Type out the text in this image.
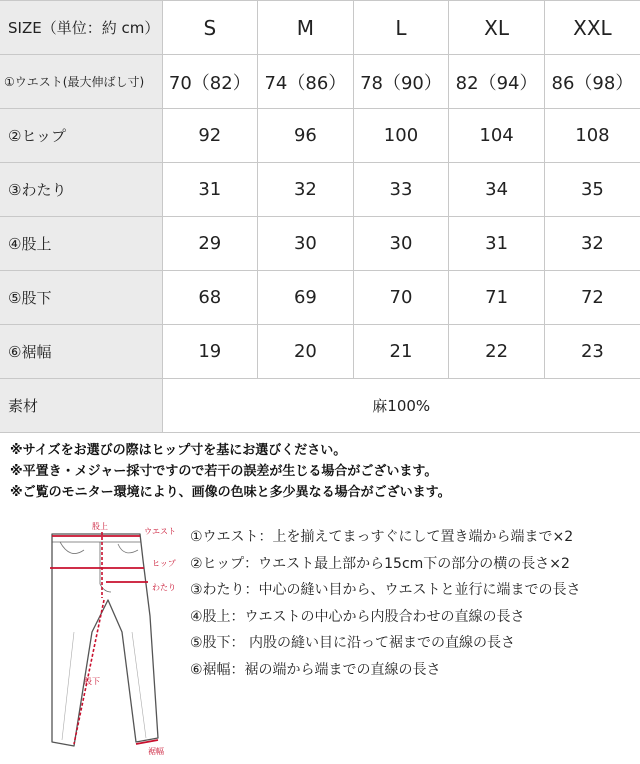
SIZE（単位：約 cm）	S	M	L	XL	XXL
①ウエスト(最大伸ばし寸)	70（82）	74（86）	78（90）	82（94）	86（98）
②ヒップ	92	96	100	104	108
③わたり	31	32	33	34	35
④股上	29	30	30	31	32
⑤股下	68	69	70	71	72
⑥裾幅	19	20	21	22	23
素材	麻100%				
※サイズをお選びの際はヒップ寸を基にお選びください。
※平置き・メジャー採寸ですので若干の誤差が生じる場合がございます。
※ご覧のモニター環境により、画像の色味と多少異なる場合がございます。
股上
ウエスト
ヒップ
わたり
股下
裾幅
①ウエスト：上を揃えてまっすぐにして置き端から端まで×2
②ヒップ：ウエスト最上部から15cm下の部分の横の長さ×2
③わたり：中心の縫い目から、ウエストと並行に端までの長さ
④股上：ウエストの中心から内股合わせの直線の長さ
⑤股下： 内股の縫い目に沿って裾までの直線の長さ
⑥裾幅：裾の端から端までの直線の長さ
